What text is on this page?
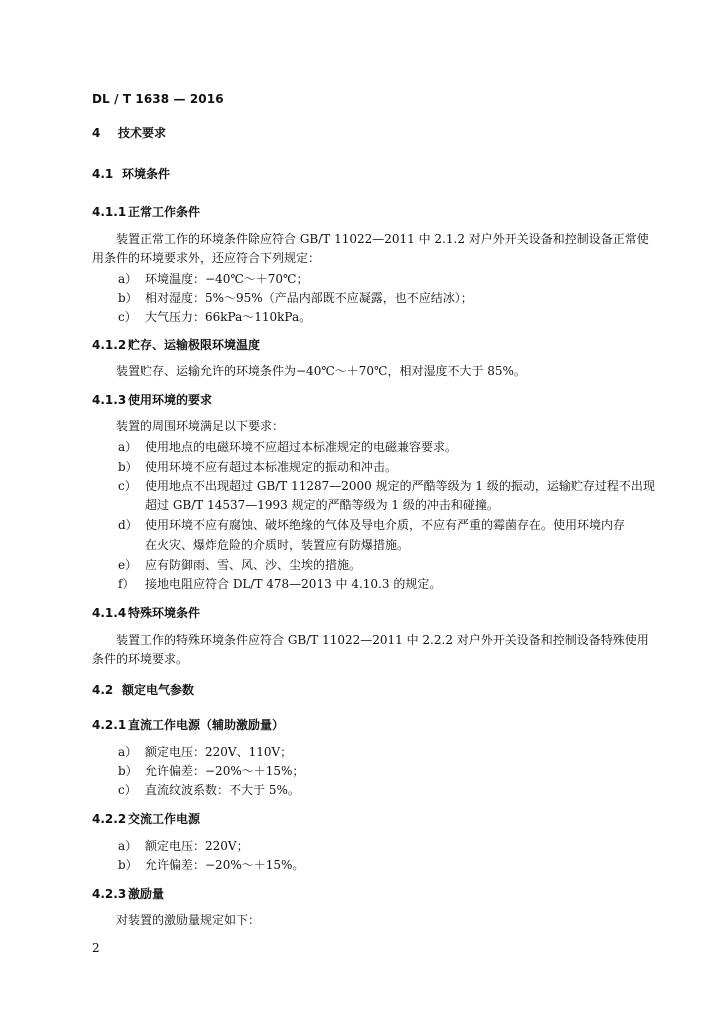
DL / T 1638 — 2016
4 技术要求
4.1 环境条件
4.1.1 正常工作条件
装置正常工作的环境条件除应符合 GB/T 11022—2011 中 2.1.2 对户外开关设备和控制设备正常使
用条件的环境要求外，还应符合下列规定：
a） 环境温度：−40℃～＋70℃；
b） 相对湿度：5%～95%（产品内部既不应凝露，也不应结冰）；
c） 大气压力：66kPa～110kPa。
4.1.2 贮存、运输极限环境温度
装置贮存、运输允许的环境条件为−40℃～＋70℃，相对湿度不大于 85%。
4.1.3 使用环境的要求
装置的周围环境满足以下要求：
a） 使用地点的电磁环境不应超过本标准规定的电磁兼容要求。
b） 使用环境不应有超过本标准规定的振动和冲击。
c） 使用地点不出现超过 GB/T 11287—2000 规定的严酷等级为 1 级的振动，运输贮存过程不出现
超过 GB/T 14537—1993 规定的严酷等级为 1 级的冲击和碰撞。
d） 使用环境不应有腐蚀、破坏绝缘的气体及导电介质，不应有严重的霉菌存在。使用环境内存
在火灾、爆炸危险的介质时，装置应有防爆措施。
e） 应有防御雨、雪、风、沙、尘埃的措施。
f） 接地电阻应符合 DL/T 478—2013 中 4.10.3 的规定。
4.1.4 特殊环境条件
装置工作的特殊环境条件应符合 GB/T 11022—2011 中 2.2.2 对户外开关设备和控制设备特殊使用
条件的环境要求。
4.2 额定电气参数
4.2.1 直流工作电源（辅助激励量）
a） 额定电压：220V、110V；
b） 允许偏差：−20%～＋15%；
c） 直流纹波系数：不大于 5%。
4.2.2 交流工作电源
a） 额定电压：220V；
b） 允许偏差：−20%～＋15%。
4.2.3 激励量
对装置的激励量规定如下：
2
